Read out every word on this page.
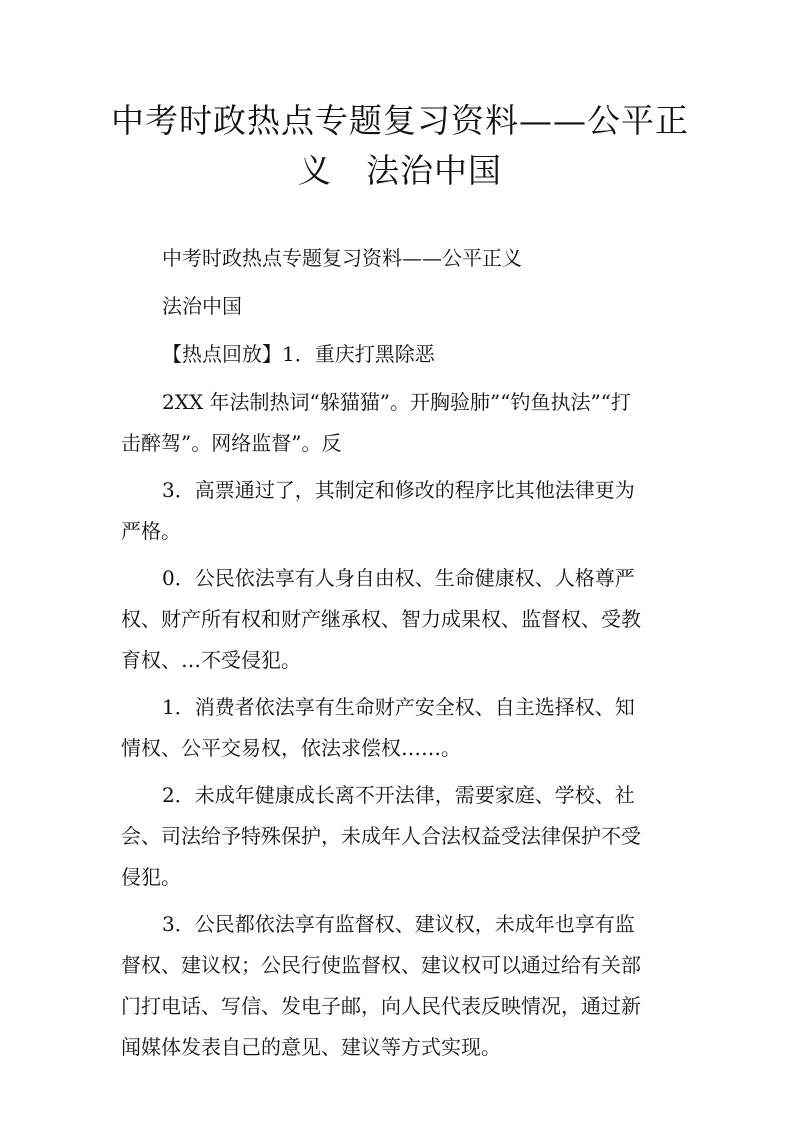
中考时政热点专题复习资料——公平正
义　法治中国

中考时政热点专题复习资料——公平正义

法治中国

【热点回放】1．重庆打黑除恶

2XX 年法制热词“躲猫猫”。开胸验肺”“钓鱼执法”“打
击醉驾”。网络监督”。反

3．高票通过了，其制定和修改的程序比其他法律更为
严格。

0．公民依法享有人身自由权、生命健康权、人格尊严
权、财产所有权和财产继承权、智力成果权、监督权、受教
育权、…不受侵犯。

1．消费者依法享有生命财产安全权、自主选择权、知
情权、公平交易权，依法求偿权……。

2．未成年健康成长离不开法律，需要家庭、学校、社
会、司法给予特殊保护，未成年人合法权益受法律保护不受
侵犯。

3．公民都依法享有监督权、建议权，未成年也享有监
督权、建议权；公民行使监督权、建议权可以通过给有关部
门打电话、写信、发电子邮，向人民代表反映情况，通过新
闻媒体发表自己的意见、建议等方式实现。
